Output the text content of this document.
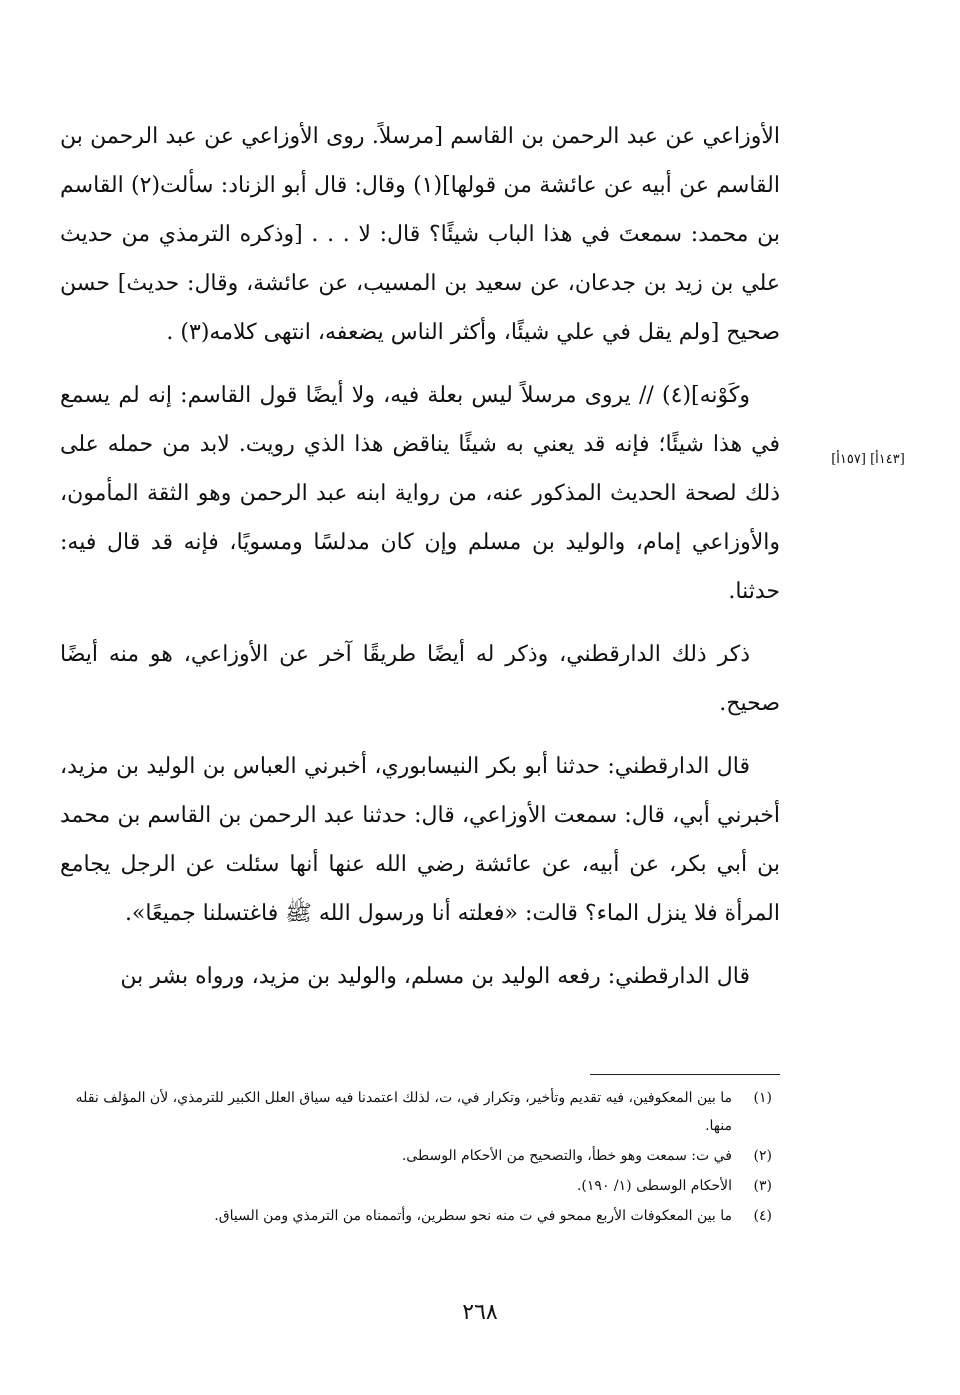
الأوزاعي عن عبد الرحمن بن القاسم [مرسلاً. روى الأوزاعي عن عبد الرحمن بن القاسم عن أبيه عن عائشة من قولها](١) وقال: قال أبو الزناد: سألت(٢) القاسم بن محمد: سمعتَ في هذا الباب شيئًا؟ قال: لا . . . [وذكره الترمذي من حديث علي بن زيد بن جدعان، عن سعيد بن المسيب، عن عائشة، وقال: حديث] حسن صحيح [ولم يقل في علي شيئًا، وأكثر الناس يضعفه، انتهى كلامه(٣) .

وكَوْنه](٤) // يروى مرسلاً ليس بعلة فيه، ولا أيضًا قول القاسم: إنه لم يسمع في هذا شيئًا؛ فإنه قد يعني به شيئًا يناقض هذا الذي رويت. لابد من حمله على ذلك لصحة الحديث المذكور عنه، من رواية ابنه عبد الرحمن وهو الثقة المأمون، والأوزاعي إمام، والوليد بن مسلم وإن كان مدلسًا ومسويًا، فإنه قد قال فيه: حدثنا.

ذكر ذلك الدارقطني، وذكر له أيضًا طريقًا آخر عن الأوزاعي، هو منه أيضًا صحيح.

قال الدارقطني: حدثنا أبو بكر النيسابوري، أخبرني العباس بن الوليد بن مزيد، أخبرني أبي، قال: سمعت الأوزاعي، قال: حدثنا عبد الرحمن بن القاسم بن محمد بن أبي بكر، عن أبيه، عن عائشة رضي الله عنها أنها سئلت عن الرجل يجامع المرأة فلا ينزل الماء؟ قالت: «فعلته أنا ورسول الله ﷺ فاغتسلنا جميعًا».

قال الدارقطني: رفعه الوليد بن مسلم، والوليد بن مزيد، ورواه بشر بن

[١٤٣أ] [١٥٧أ]
(١)
ما بين المعكوفين، فيه تقديم وتأخير، وتكرار في، ت، لذلك اعتمدنا فيه سياق العلل الكبير للترمذي، لأن المؤلف نقله منها.
(٢)
في ت: سمعت وهو خطأ، والتصحيح من الأحكام الوسطى.
(٣)
الأحكام الوسطى (١/ ١٩٠).
(٤)
ما بين المعكوفات الأربع ممحو في ت منه نحو سطرين، وأتممناه من الترمذي ومن السياق.
٢٦٨
